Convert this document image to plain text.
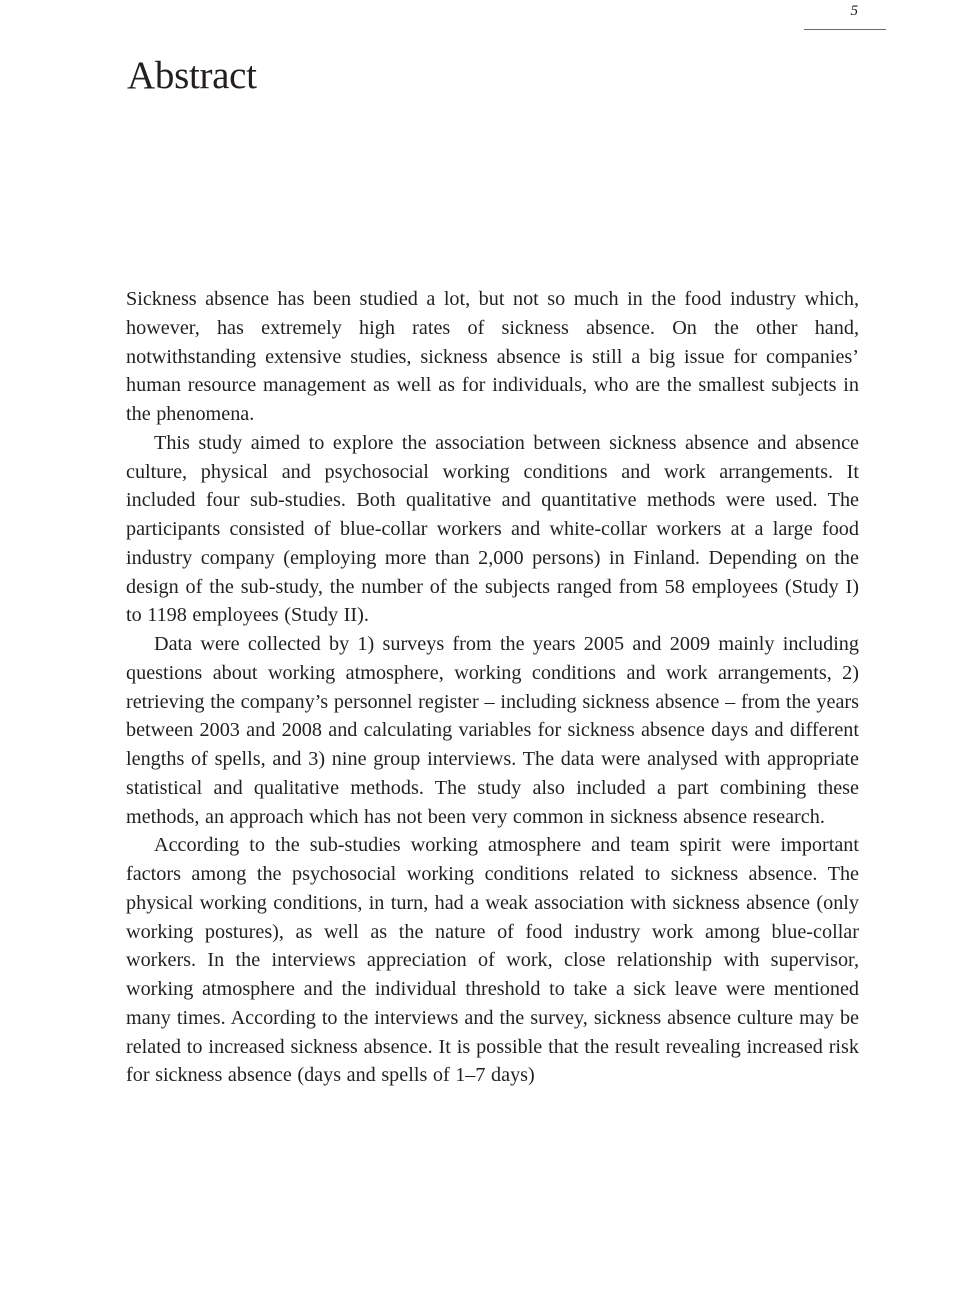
5
Abstract

Sickness absence has been studied a lot, but not so much in the food industry which, however, has extremely high rates of sickness absence. On the other hand, notwithstanding extensive studies, sickness absence is still a big issue for companies’ human resource management as well as for individuals, who are the smallest subjects in the phenomena.

This study aimed to explore the association between sickness absence and absence culture, physical and psychosocial working conditions and work arrangements. It included four sub-studies. Both qualitative and quantitative methods were used. The participants consisted of blue-collar workers and white-collar workers at a large food industry company (employing more than 2,000 persons) in Finland. Depending on the design of the sub-study, the number of the subjects ranged from 58 employees (Study I) to 1198 employees (Study II).

Data were collected by 1) surveys from the years 2005 and 2009 mainly including questions about working atmosphere, working conditions and work arrangements, 2) retrieving the company’s personnel register – including sickness absence – from the years between 2003 and 2008 and calculating variables for sickness absence days and different lengths of spells, and 3) nine group interviews. The data were analysed with appropriate statistical and qualitative methods. The study also included a part combining these methods, an approach which has not been very common in sickness absence research.

According to the sub-studies working atmosphere and team spirit were important factors among the psychosocial working conditions related to sickness absence. The physical working conditions, in turn, had a weak association with sickness absence (only working postures), as well as the nature of food industry work among blue-collar workers. In the interviews appreciation of work, close relationship with supervisor, working atmosphere and the individual threshold to take a sick leave were mentioned many times. According to the interviews and the survey, sickness absence culture may be related to increased sickness absence. It is possible that the result revealing increased risk for sickness absence (days and spells of 1–7 days)
